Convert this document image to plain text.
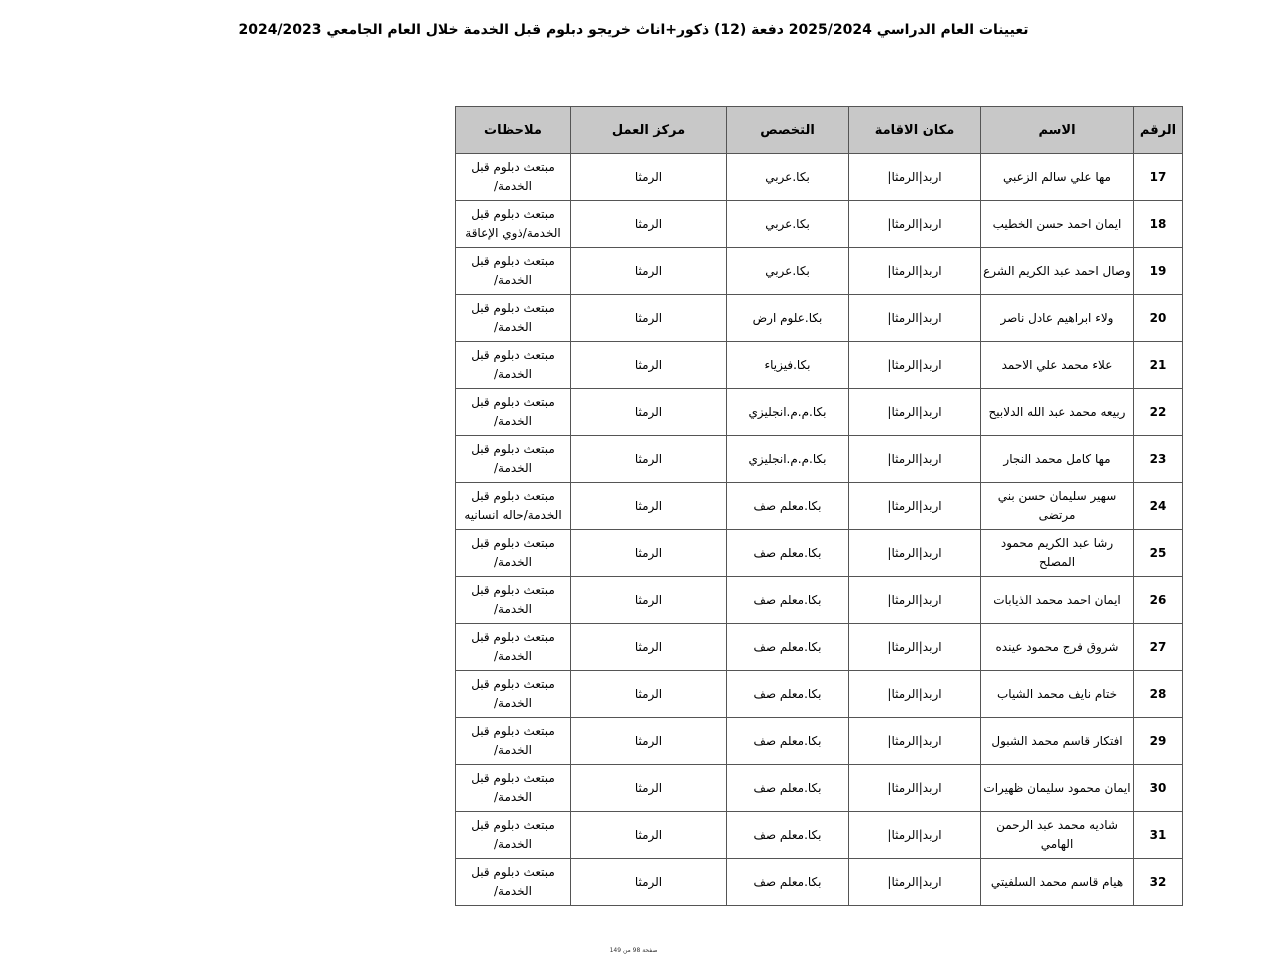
تعيينات العام الدراسي 2025/2024 دفعة (12) ذكور+اناث خريجو دبلوم قبل الخدمة خلال العام الجامعي 2024/2023
الرقم	الاسم	مكان الاقامة	التخصص	مركز العمل	ملاحظات
17	مها علي سالم الزعبي	اربد|الرمثا|	بكا.عربي	الرمثا	مبتعث دبلوم قبل الخدمة/
18	ايمان احمد حسن الخطيب	اربد|الرمثا|	بكا.عربي	الرمثا	مبتعث دبلوم قبل الخدمة/ذوي الإعاقة
19	وصال احمد عبد الكريم الشرع	اربد|الرمثا|	بكا.عربي	الرمثا	مبتعث دبلوم قبل الخدمة/
20	ولاء ابراهيم عادل ناصر	اربد|الرمثا|	بكا.علوم ارض	الرمثا	مبتعث دبلوم قبل الخدمة/
21	علاء محمد علي الاحمد	اربد|الرمثا|	بكا.فيزياء	الرمثا	مبتعث دبلوم قبل الخدمة/
22	ربيعه محمد عبد الله الدلابيح	اربد|الرمثا|	بكا.م.م.انجليزي	الرمثا	مبتعث دبلوم قبل الخدمة/
23	مها كامل محمد النجار	اربد|الرمثا|	بكا.م.م.انجليزي	الرمثا	مبتعث دبلوم قبل الخدمة/
24	سهير سليمان حسن بني مرتضى	اربد|الرمثا|	بكا.معلم صف	الرمثا	مبتعث دبلوم قبل الخدمة/حاله انسانيه
25	رشا عبد الكريم محمود المصلح	اربد|الرمثا|	بكا.معلم صف	الرمثا	مبتعث دبلوم قبل الخدمة/
26	ايمان احمد محمد الذيابات	اربد|الرمثا|	بكا.معلم صف	الرمثا	مبتعث دبلوم قبل الخدمة/
27	شروق فرج محمود عينده	اربد|الرمثا|	بكا.معلم صف	الرمثا	مبتعث دبلوم قبل الخدمة/
28	ختام نايف محمد الشياب	اربد|الرمثا|	بكا.معلم صف	الرمثا	مبتعث دبلوم قبل الخدمة/
29	افتكار قاسم محمد الشبول	اربد|الرمثا|	بكا.معلم صف	الرمثا	مبتعث دبلوم قبل الخدمة/
30	ايمان محمود سليمان ظهيرات	اربد|الرمثا|	بكا.معلم صف	الرمثا	مبتعث دبلوم قبل الخدمة/
31	شاديه محمد عبد الرحمن الهامي	اربد|الرمثا|	بكا.معلم صف	الرمثا	مبتعث دبلوم قبل الخدمة/
32	هيام قاسم محمد السلفيتي	اربد|الرمثا|	بكا.معلم صف	الرمثا	مبتعث دبلوم قبل الخدمة/
صفحة 98 من 149
